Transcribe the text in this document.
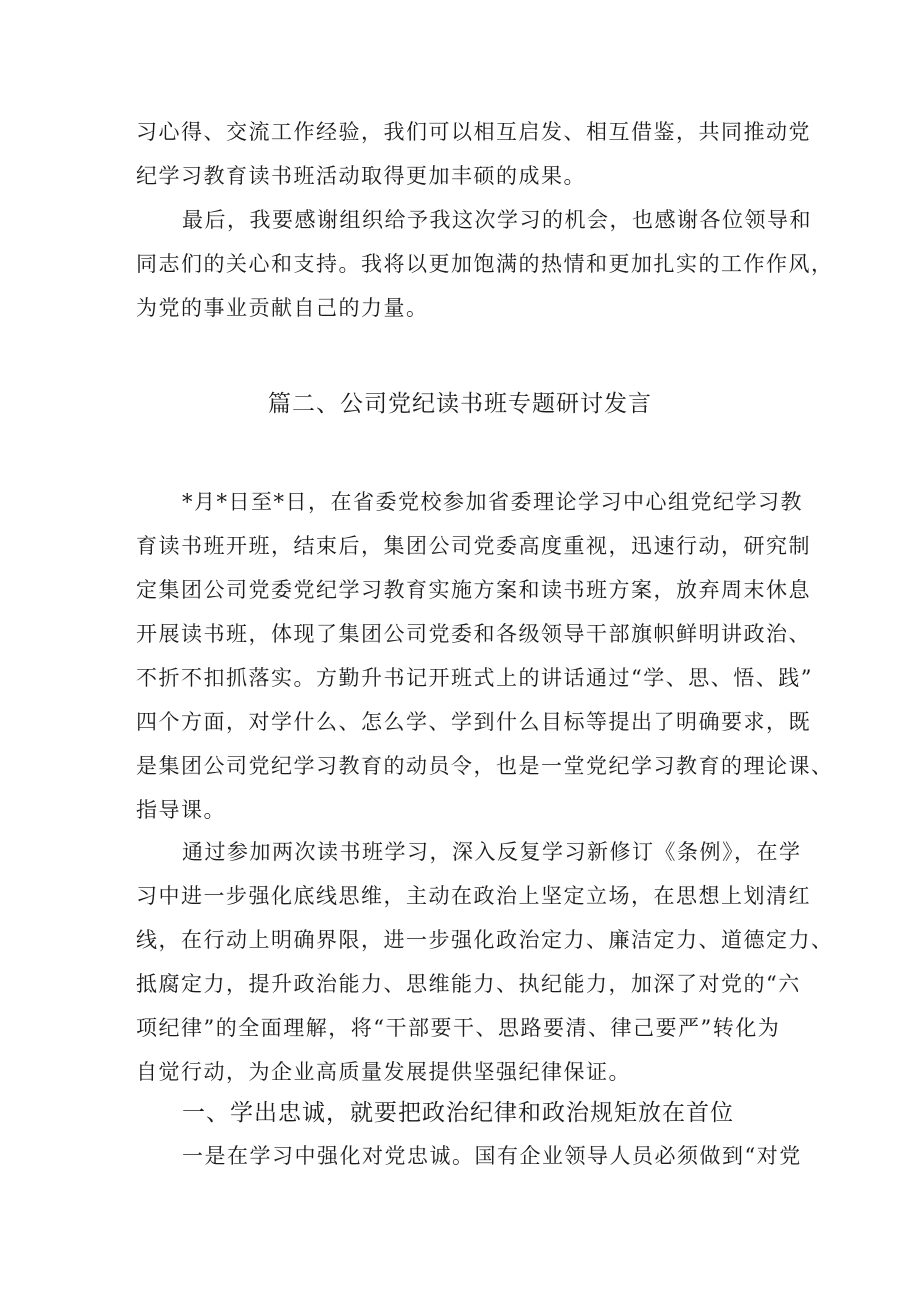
习心得、交流工作经验，我们可以相互启发、相互借鉴，共同推动党
纪学习教育读书班活动取得更加丰硕的成果。
最后，我要感谢组织给予我这次学习的机会，也感谢各位领导和
同志们的关心和支持。我将以更加饱满的热情和更加扎实的工作作风，
为党的事业贡献自己的力量。
篇二、公司党纪读书班专题研讨发言
*月*日至*日，在省委党校参加省委理论学习中心组党纪学习教
育读书班开班，结束后，集团公司党委高度重视，迅速行动，研究制
定集团公司党委党纪学习教育实施方案和读书班方案，放弃周末休息
开展读书班，体现了集团公司党委和各级领导干部旗帜鲜明讲政治、
不折不扣抓落实。方勤升书记开班式上的讲话通过“学、思、悟、践”
四个方面，对学什么、怎么学、学到什么目标等提出了明确要求，既
是集团公司党纪学习教育的动员令，也是一堂党纪学习教育的理论课、
指导课。
通过参加两次读书班学习，深入反复学习新修订《条例》，在学
习中进一步强化底线思维，主动在政治上坚定立场，在思想上划清红
线，在行动上明确界限，进一步强化政治定力、廉洁定力、道德定力、
抵腐定力，提升政治能力、思维能力、执纪能力，加深了对党的“六
项纪律”的全面理解，将“干部要干、思路要清、律己要严”转化为
自觉行动，为企业高质量发展提供坚强纪律保证。
一、学出忠诚，就要把政治纪律和政治规矩放在首位
一是在学习中强化对党忠诚。国有企业领导人员必须做到“对党
